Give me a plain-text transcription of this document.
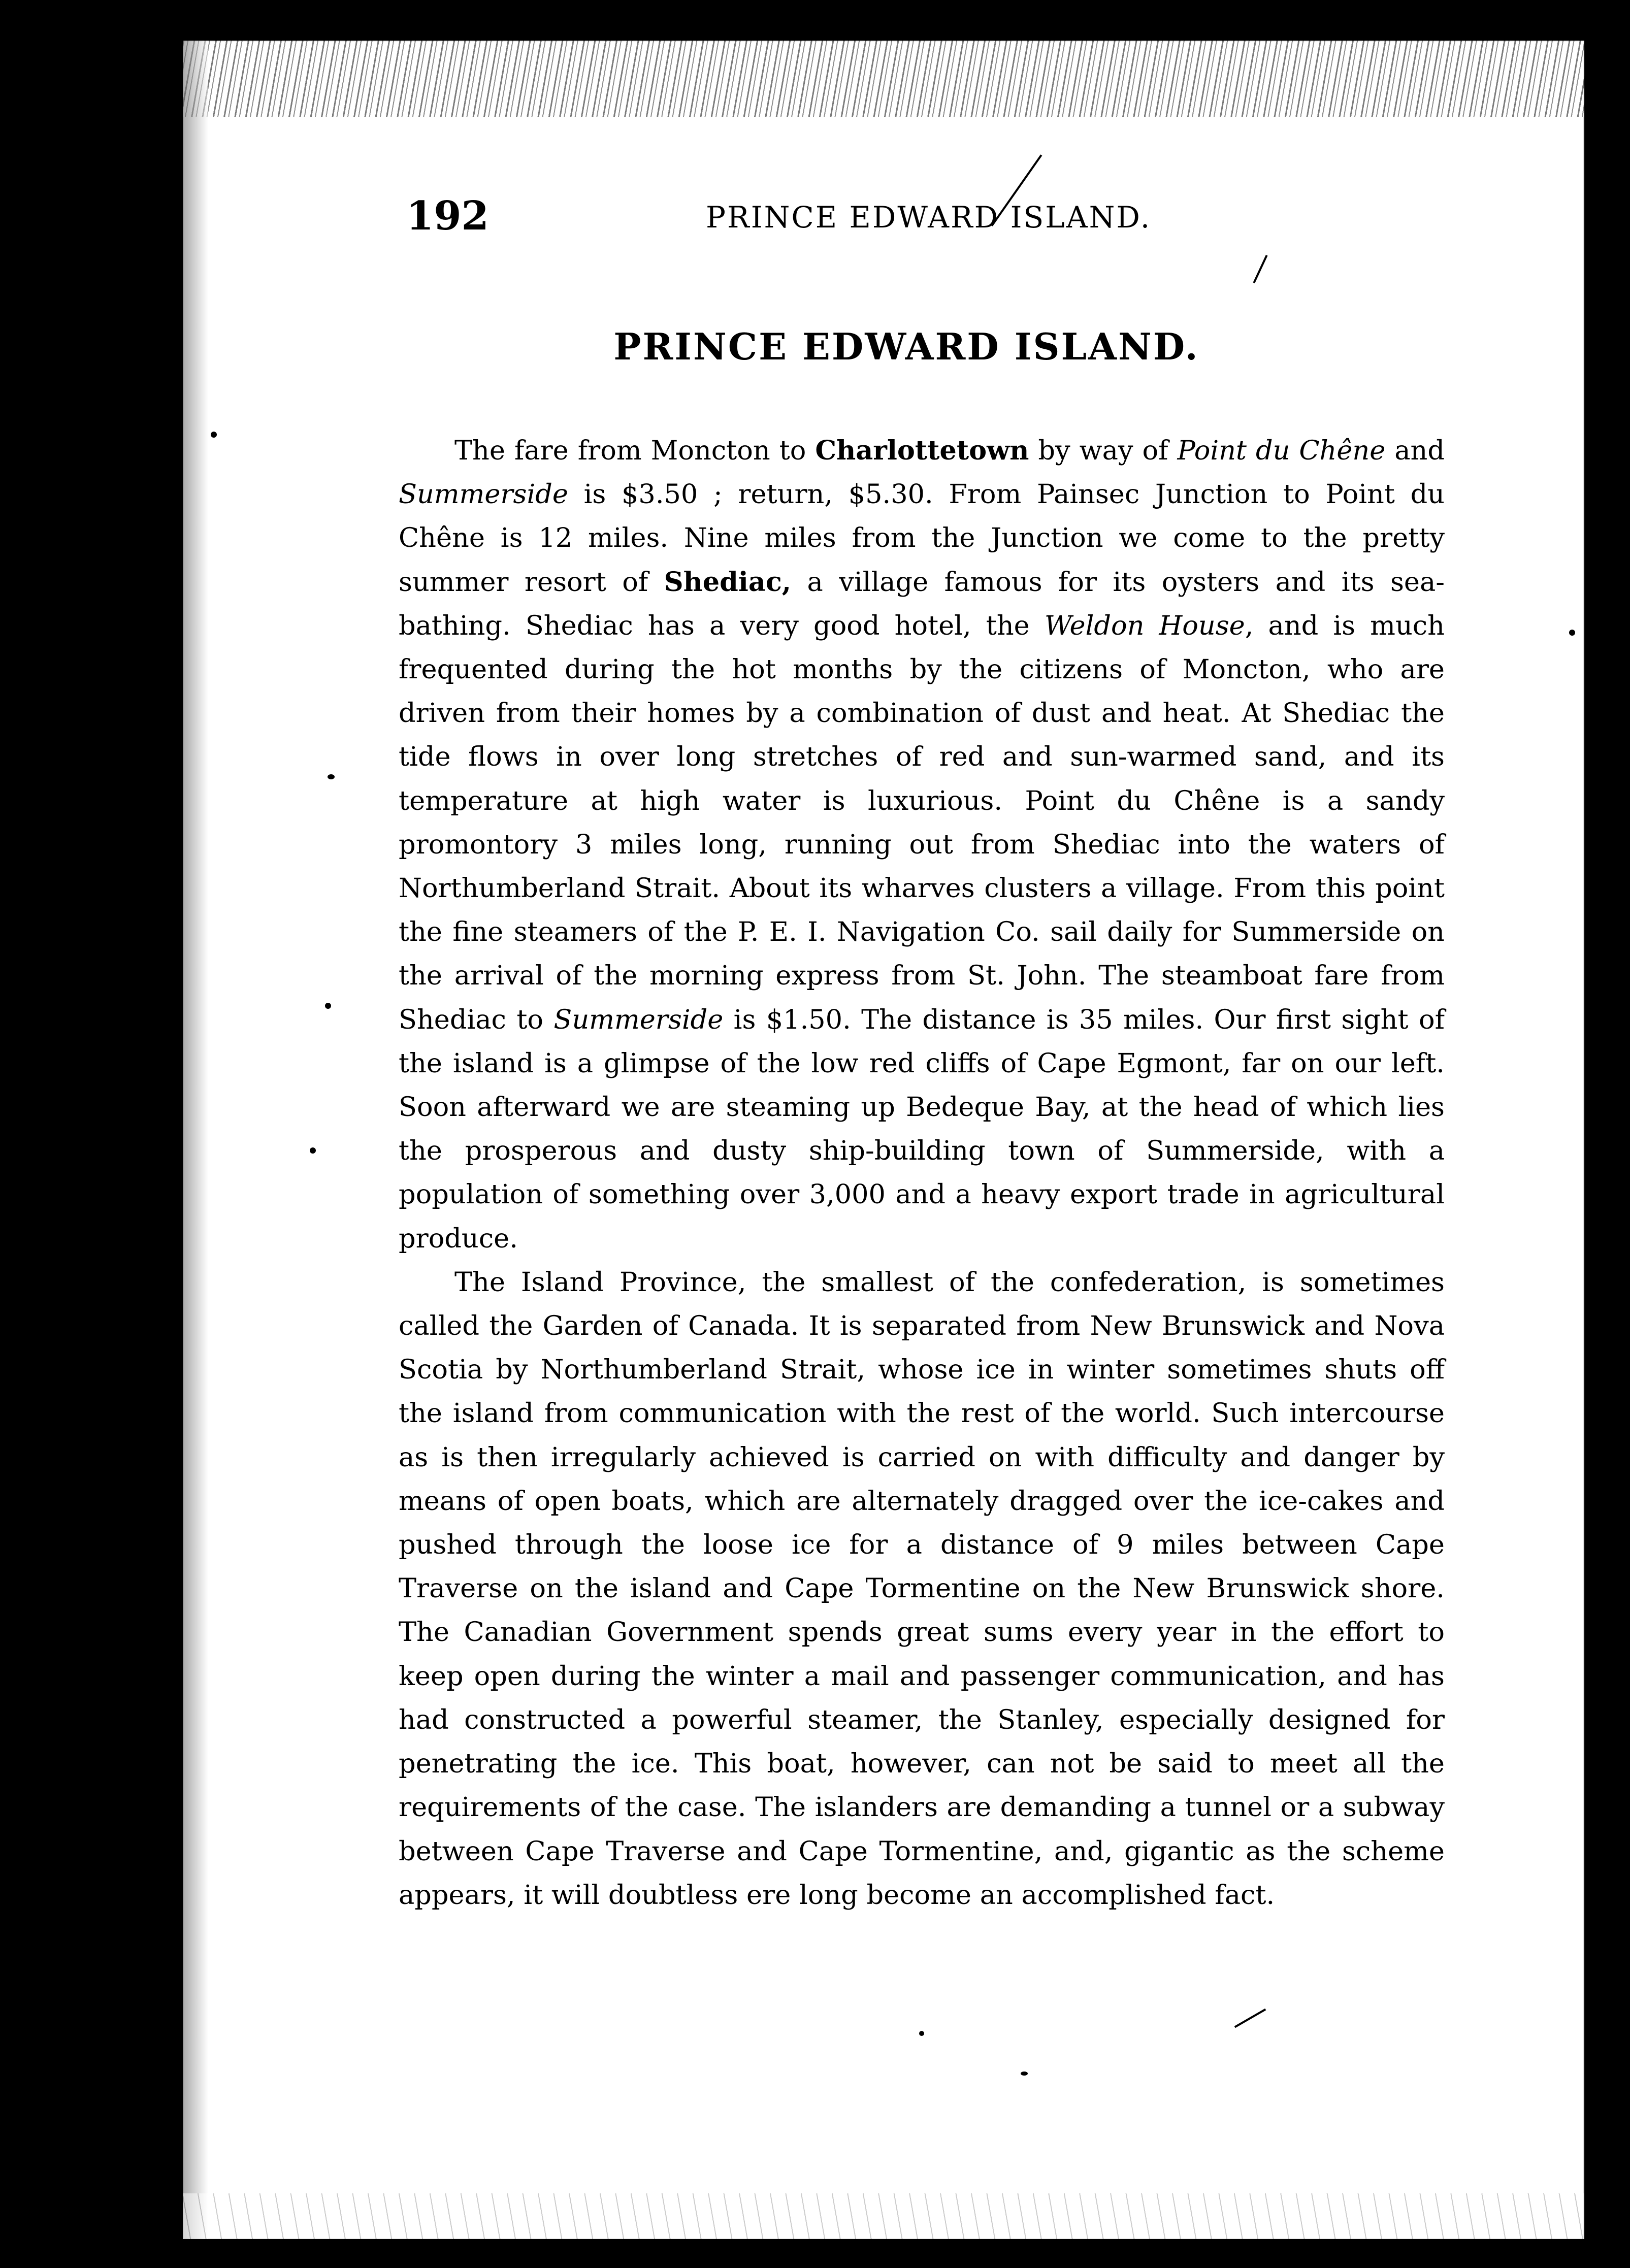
192	PRINCE EDWARD ISLAND.
PRINCE EDWARD ISLAND.

The fare from Moncton to Charlottetown by way of Point du Chêne and Summerside is $3.50 ; return, $5.30. From Painsec Junction to Point du Chêne is 12 miles. Nine miles from the Junction we come to the pretty summer resort of Shediac, a village famous for its oysters and its sea-bathing. Shediac has a very good hotel, the Weldon House, and is much frequented during the hot months by the citizens of Moncton, who are driven from their homes by a combination of dust and heat. At Shediac the tide flows in over long stretches of red and sun-warmed sand, and its temperature at high water is luxurious. Point du Chêne is a sandy promontory 3 miles long, running out from Shediac into the waters of Northumberland Strait. About its wharves clusters a village. From this point the fine steamers of the P. E. I. Navigation Co. sail daily for Summerside on the arrival of the morning express from St. John. The steamboat fare from Shediac to Summerside is $1.50. The distance is 35 miles. Our first sight of the island is a glimpse of the low red cliffs of Cape Egmont, far on our left. Soon afterward we are steaming up Bedeque Bay, at the head of which lies the prosperous and dusty ship-building town of Summerside, with a population of something over 3,000 and a heavy export trade in agricultural produce.

The Island Province, the smallest of the confederation, is sometimes called the Garden of Canada. It is separated from New Brunswick and Nova Scotia by Northumberland Strait, whose ice in winter sometimes shuts off the island from communication with the rest of the world. Such intercourse as is then irregularly achieved is carried on with difficulty and danger by means of open boats, which are alternately dragged over the ice-cakes and pushed through the loose ice for a distance of 9 miles between Cape Traverse on the island and Cape Tormentine on the New Brunswick shore. The Canadian Government spends great sums every year in the effort to keep open during the winter a mail and passenger communication, and has had constructed a powerful steamer, the Stanley, especially designed for penetrating the ice. This boat, however, can not be said to meet all the requirements of the case. The islanders are demanding a tunnel or a subway between Cape Traverse and Cape Tormentine, and, gigantic as the scheme appears, it will doubtless ere long become an accomplished fact.
